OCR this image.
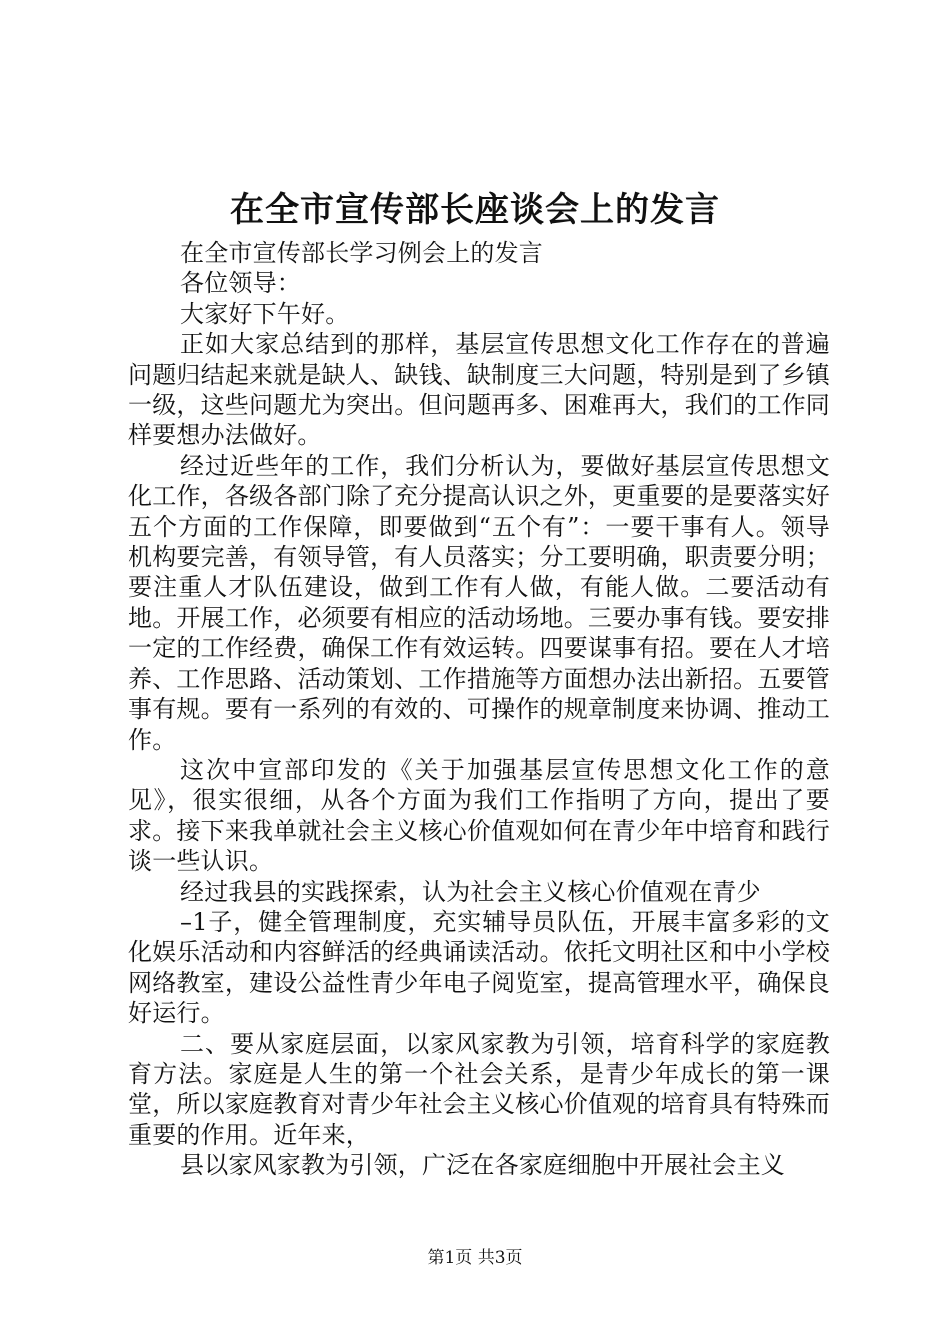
在全市宣传部长座谈会上的发言

在全市宣传部长学习例会上的发言

各位领导：

大家好下午好。

正如大家总结到的那样，基层宣传思想文化工作存在的普遍问题归结起来就是缺人、缺钱、缺制度三大问题，特别是到了乡镇一级，这些问题尤为突出。但问题再多、困难再大，我们的工作同样要想办法做好。

经过近些年的工作，我们分析认为，要做好基层宣传思想文化工作，各级各部门除了充分提高认识之外，更重要的是要落实好五个方面的工作保障，即要做到“五个有”：一要干事有人。领导机构要完善，有领导管，有人员落实；分工要明确，职责要分明；要注重人才队伍建设，做到工作有人做，有能人做。二要活动有地。开展工作，必须要有相应的活动场地。三要办事有钱。要安排一定的工作经费，确保工作有效运转。四要谋事有招。要在人才培养、工作思路、活动策划、工作措施等方面想办法出新招。五要管事有规。要有一系列的有效的、可操作的规章制度来协调、推动工作。

这次中宣部印发的《关于加强基层宣传思想文化工作的意见》，很实很细，从各个方面为我们工作指明了方向，提出了要求。接下来我单就社会主义核心价值观如何在青少年中培育和践行谈一些认识。

经过我县的实践探索，认为社会主义核心价值观在青少

–1子，健全管理制度，充实辅导员队伍，开展丰富多彩的文化娱乐活动和内容鲜活的经典诵读活动。依托文明社区和中小学校网络教室，建设公益性青少年电子阅览室，提高管理水平，确保良好运行。

二、要从家庭层面，以家风家教为引领，培育科学的家庭教育方法。家庭是人生的第一个社会关系，是青少年成长的第一课堂，所以家庭教育对青少年社会主义核心价值观的培育具有特殊而重要的作用。近年来，

县以家风家教为引领，广泛在各家庭细胞中开展社会主义

第1页 共3页
